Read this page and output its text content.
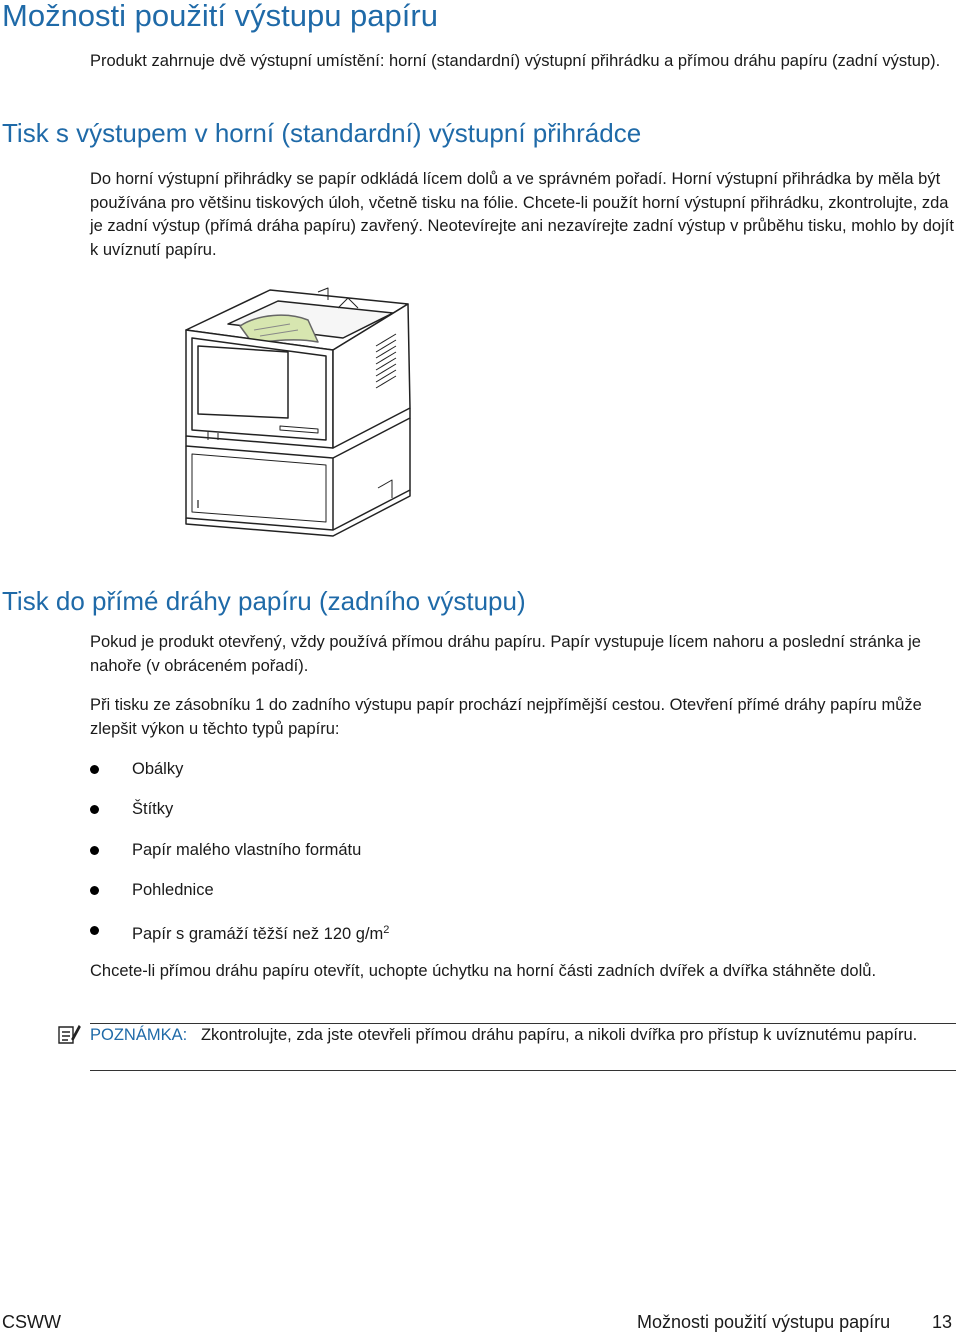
Možnosti použití výstupu papíru

Produkt zahrnuje dvě výstupní umístění: horní (standardní) výstupní přihrádku a přímou dráhu papíru (zadní výstup).

Tisk s výstupem v horní (standardní) výstupní přihrádce

Do horní výstupní přihrádky se papír odkládá lícem dolů a ve správném pořadí. Horní výstupní přihrádka by měla být používána pro většinu tiskových úloh, včetně tisku na fólie. Chcete-li použít horní výstupní přihrádku, zkontrolujte, zda je zadní výstup (přímá dráha papíru) zavřený. Neotevírejte ani nezavírejte zadní výstup v průběhu tisku, mohlo by dojít k uvíznutí papíru.

Tisk do přímé dráhy papíru (zadního výstupu)

Pokud je produkt otevřený, vždy používá přímou dráhu papíru. Papír vystupuje lícem nahoru a poslední stránka je nahoře (v obráceném pořadí).

Při tisku ze zásobníku 1 do zadního výstupu papír prochází nejpřímější cestou. Otevření přímé dráhy papíru může zlepšit výkon u těchto typů papíru:

Obálky
Štítky
Papír malého vlastního formátu
Pohlednice
Papír s gramáží těžší než 120 $g/m^2$

Chcete-li přímou dráhu papíru otevřít, uchopte úchytku na horní části zadních dvířek a dvířka stáhněte dolů.

POZNÁMKA: Zkontrolujte, zda jste otevřeli přímou dráhu papíru, a nikoli dvířka pro přístup k uvíznutému papíru.

CSWW	Možnosti použití výstupu papíru 13
